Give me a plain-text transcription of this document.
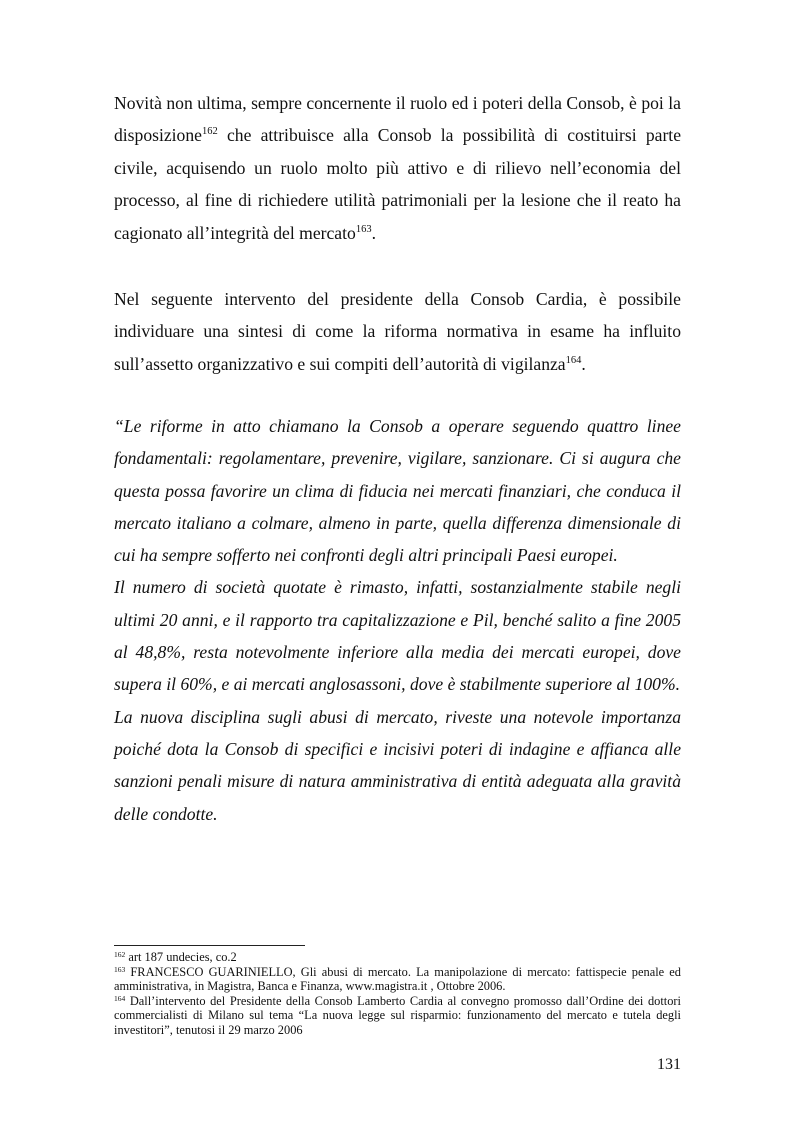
Novità non ultima, sempre concernente il ruolo ed i poteri della Consob, è poi la disposizione$^{162}$ che attribuisce alla Consob la possibilità di costituirsi parte civile, acquisendo un ruolo molto più attivo e di rilievo nell’economia del processo, al fine di richiedere utilità patrimoniali per la lesione che il reato ha cagionato all’integrità del mercato$^{163}$.

Nel seguente intervento del presidente della Consob Cardia, è possibile individuare una sintesi di come la riforma normativa in esame ha influito sull’assetto organizzativo e sui compiti dell’autorità di vigilanza$^{164}$.

“Le riforme in atto chiamano la Consob a operare seguendo quattro linee fondamentali: regolamentare, prevenire, vigilare, sanzionare. Ci si augura che questa possa favorire un clima di fiducia nei mercati finanziari, che conduca il mercato italiano a colmare, almeno in parte, quella differenza dimensionale di cui ha sempre sofferto nei confronti degli altri principali Paesi europei.

Il numero di società quotate è rimasto, infatti, sostanzialmente stabile negli ultimi 20 anni, e il rapporto tra capitalizzazione e Pil, benché salito a fine 2005 al 48,8%, resta notevolmente inferiore alla media dei mercati europei, dove supera il 60%, e ai mercati anglosassoni, dove è stabilmente superiore al 100%.

La nuova disciplina sugli abusi di mercato, riveste una notevole importanza poiché dota la Consob di specifici e incisivi poteri di indagine e affianca alle sanzioni penali misure di natura amministrativa di entità adeguata alla gravità delle condotte.

$^{162}$ art 187 undecies, co.2

$^{163}$ FRANCESCO GUARINIELLO, Gli abusi di mercato. La manipolazione di mercato: fattispecie penale ed amministrativa, in Magistra, Banca e Finanza, www.magistra.it , Ottobre 2006.

$^{164}$ Dall’intervento del Presidente della Consob Lamberto Cardia al convegno promosso dall’Ordine dei dottori commercialisti di Milano sul tema “La nuova legge sul risparmio: funzionamento del mercato e tutela degli investitori”, tenutosi il 29 marzo 2006

131
